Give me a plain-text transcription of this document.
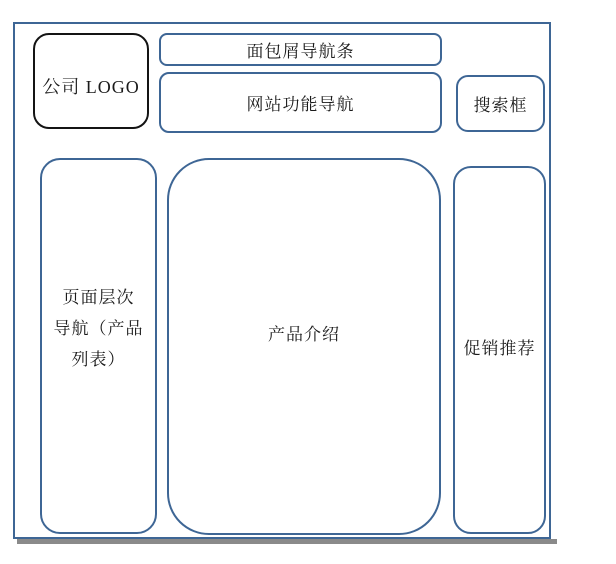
公司 LOGO
面包屑导航条
网站功能导航	搜索框
页面层次
导航（产品
列表）
产品介绍
促销推荐
